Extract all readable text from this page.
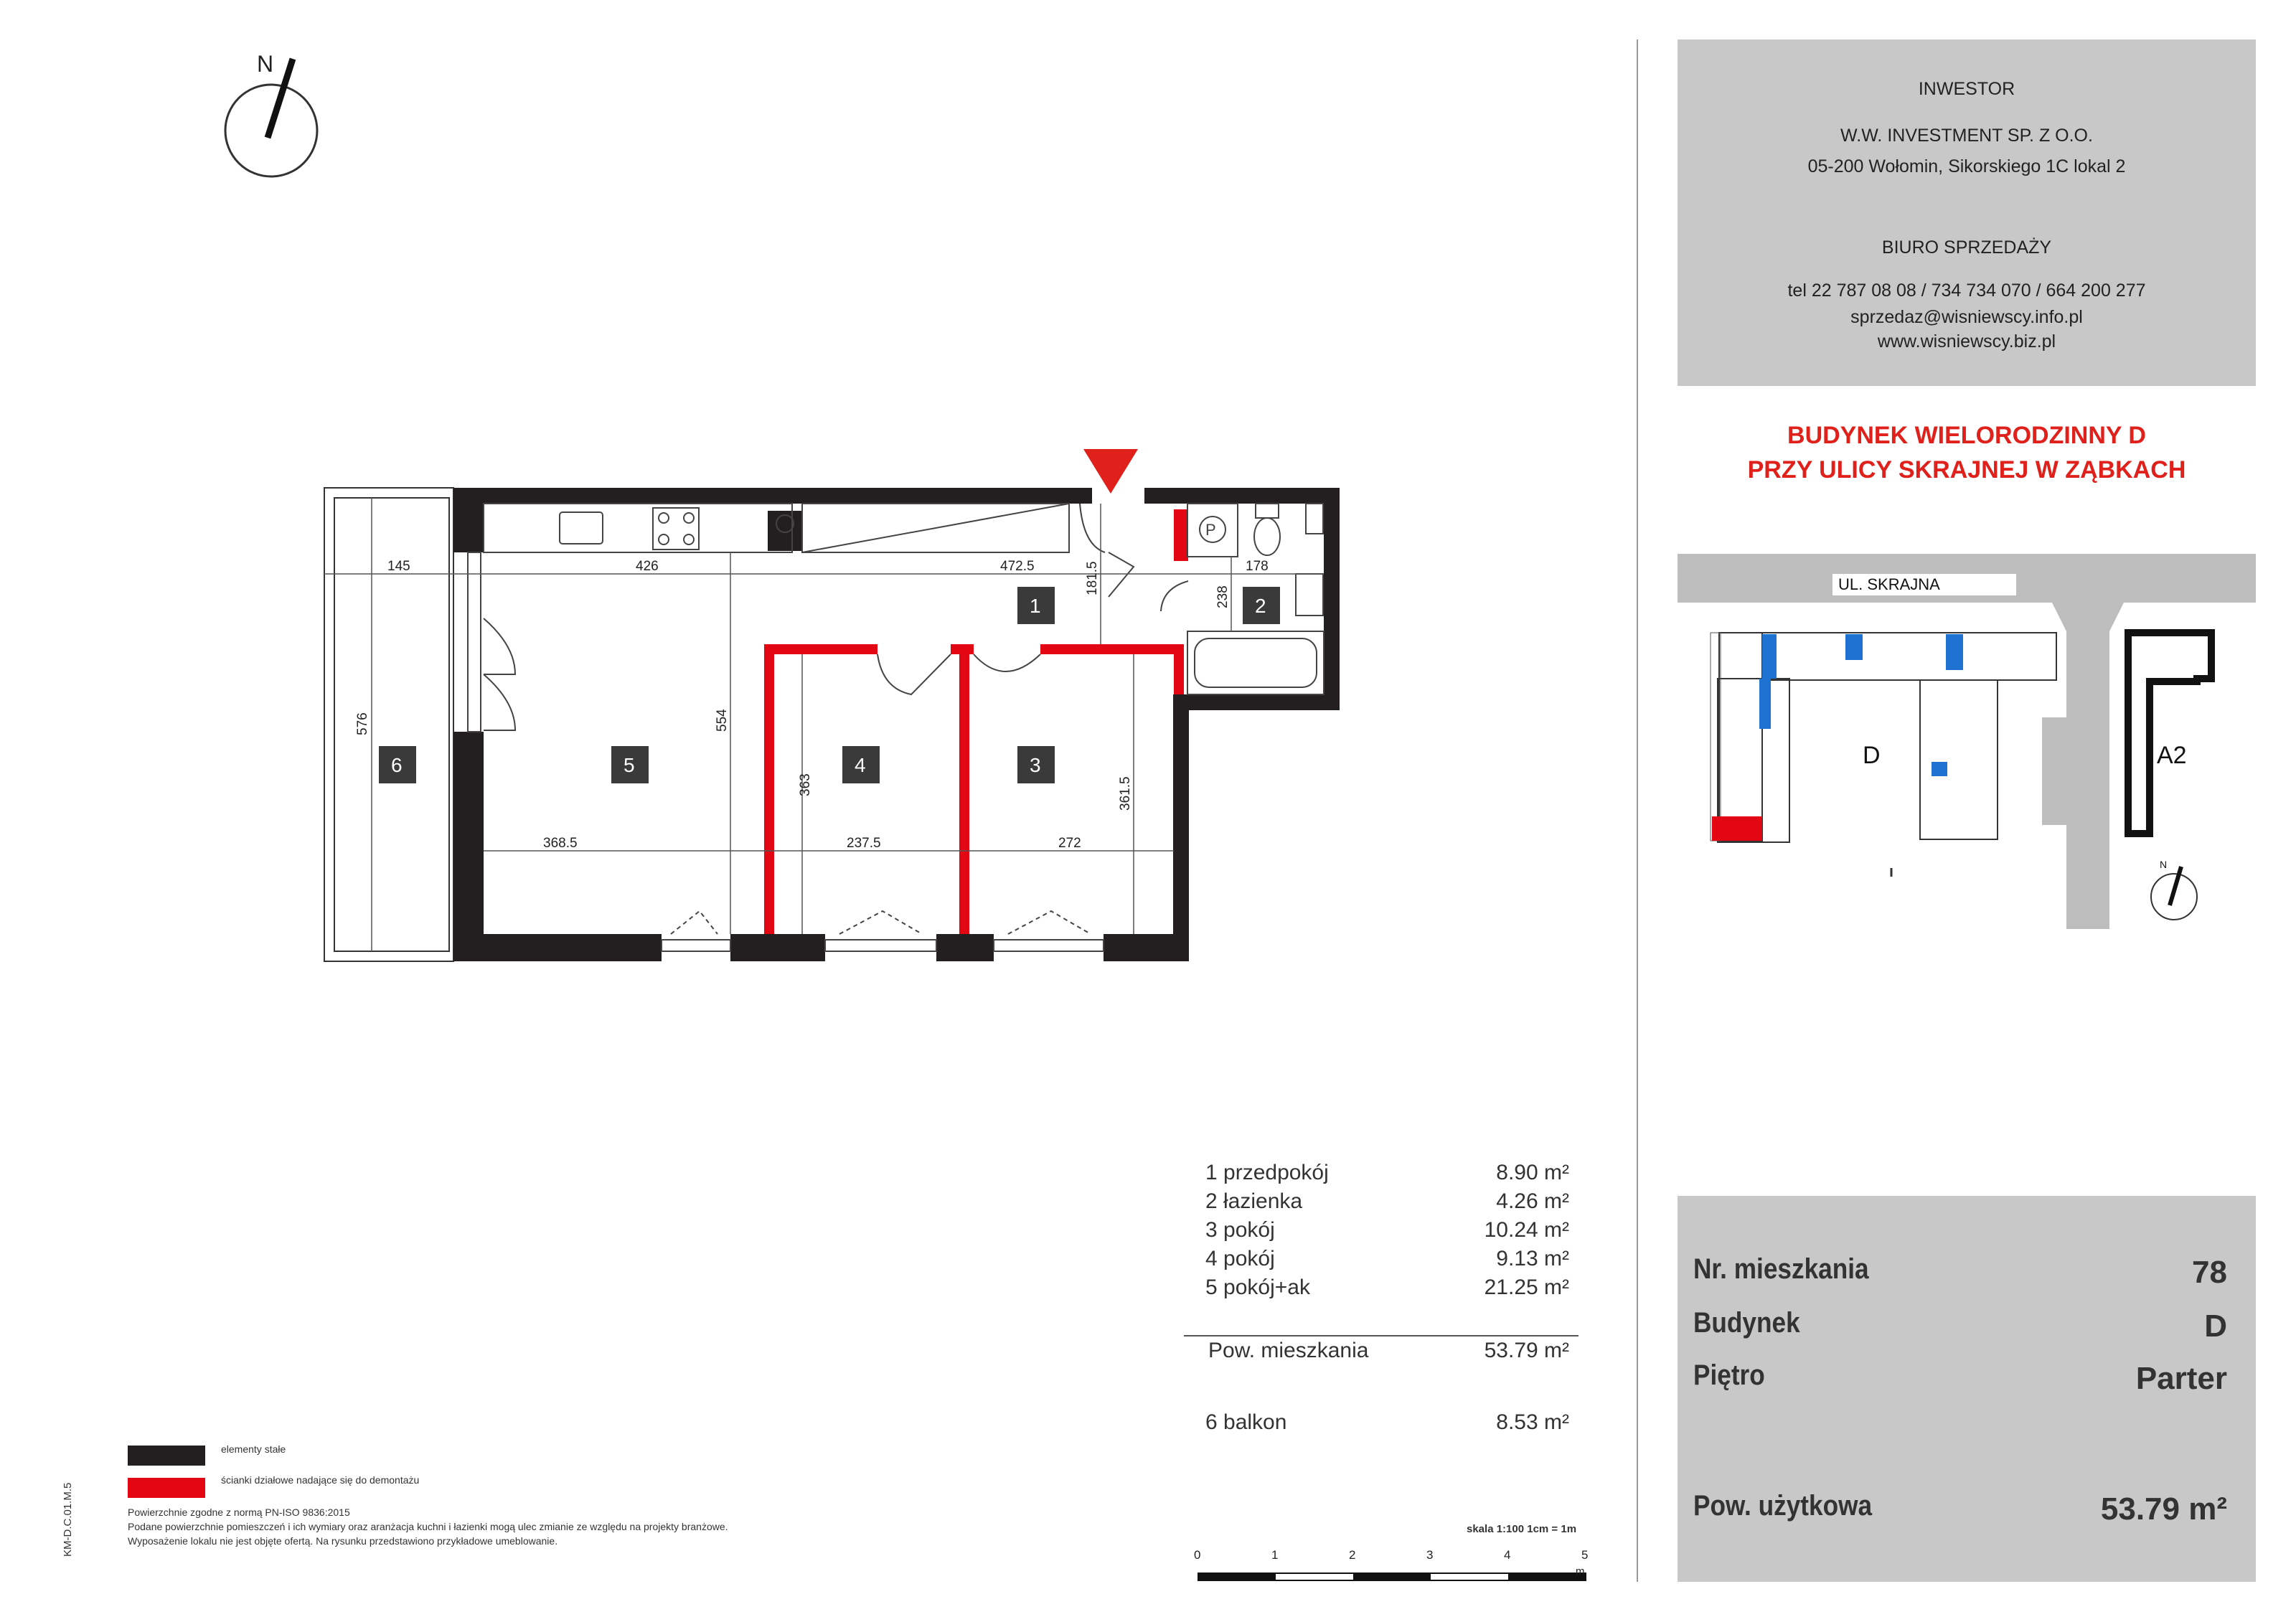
N
P
145	426	472.5	178
368.5	237.5	272
576	554
363	361.5
181.5
238
1	2
3
4
5
6
UL. SKRAJNA
D	A2
N
INWESTOR
W.W. INVESTMENT SP. Z O.O.
05-200 Wołomin, Sikorskiego 1C lokal 2
BIURO SPRZEDAŻY
tel 22 787 08 08 / 734 734 070 / 664 200 277
sprzedaz@wisniewscy.info.pl
www.wisniewscy.biz.pl
BUDYNEK WIELORODZINNY D
PRZY ULICY SKRAJNEJ W ZĄBKACH
1 przedpokój	8.90 m²
2 łazienka	4.26 m²
3 pokój	10.24 m²
4 pokój	9.13 m²
5 pokój+ak	21.25 m²
Pow. mieszkania	53.79 m²
6 balkon	8.53 m²
Nr. mieszkania	78
Budynek	D
Piętro	Parter
Pow. użytkowa	53.79 m²
elementy stałe
ścianki działowe nadające się do demontażu
Powierzchnie zgodne z normą PN-ISO 9836:2015
Podane powierzchnie pomieszczeń i ich wymiary oraz aranżacja kuchni i łazienki mogą ulec zmianie ze względu na projekty branżowe.
Wyposażenie lokalu nie jest objęte ofertą. Na rysunku przedstawiono przykładowe umeblowanie.
KM-D.C.01.M.5	skala 1:100 1cm = 1m
0	1	2	3	4	5
m
